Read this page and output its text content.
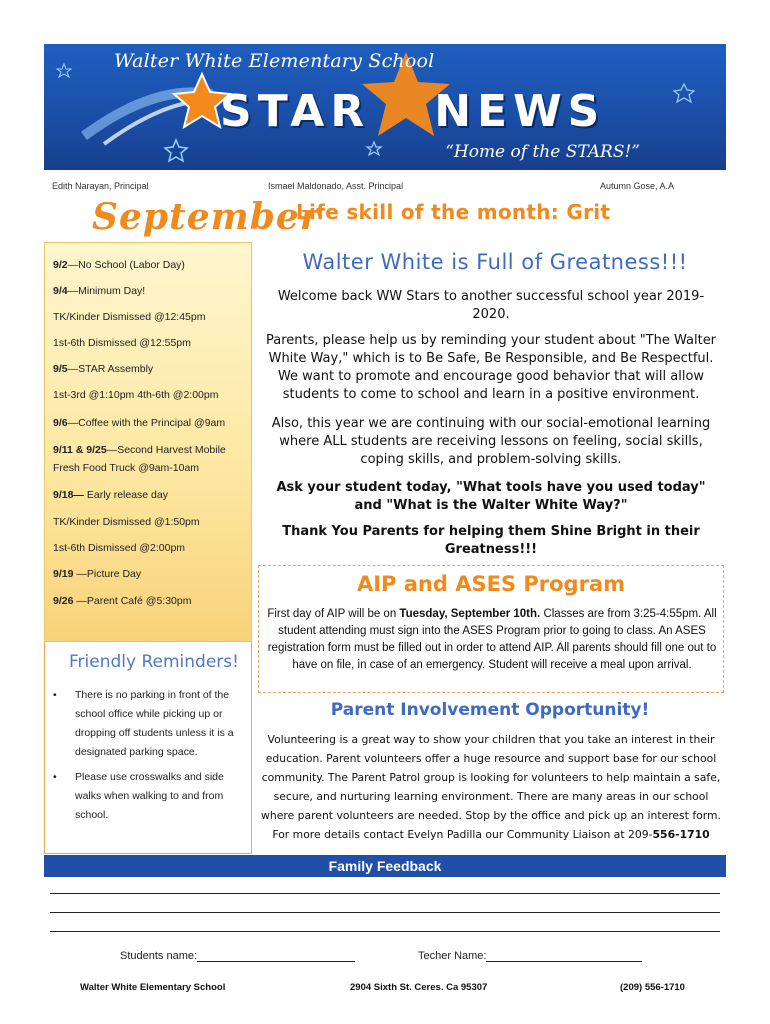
Walter White Elementary School
STAR NEWS
“Home of the STARS!”
Edith Narayan, Principal	Ismael Maldonado, Asst. Principal	Autumn Gose, A.A
September
9/2—No School (Labor Day)
9/4—Minimum Day!
TK/Kinder Dismissed @12:45pm
1st-6th Dismissed @12:55pm
9/5—STAR Assembly
1st-3rd @1:10pm 4th-6th @2:00pm
9/6—Coffee with the Principal @9am
9/11 & 9/25—Second Harvest Mobile
Fresh Food Truck @9am-10am
9/18— Early release day
TK/Kinder Dismissed @1:50pm
1st-6th Dismissed @2:00pm
9/19 —Picture Day
9/26 —Parent Café @5:30pm
Friendly Reminders!
•	There is no parking in front of the school office while picking up or dropping off students unless it is a designated parking space.
•	Please use crosswalks and side walks when walking to and from school.
Life skill of the month: Grit
Walter White is Full of Greatness!!!
Welcome back WW Stars to another successful school year 2019-2020.
Parents, please help us by reminding your student about "The Walter White Way," which is to Be Safe, Be Responsible, and Be Respectful. We want to promote and encourage good behavior that will allow students to come to school and learn in a positive environment.
Also, this year we are continuing with our social-emotional learning where ALL students are receiving lessons on feeling, social skills, coping skills, and problem-solving skills.
Ask your student today, "What tools have you used today" and "What is the Walter White Way?"
Thank You Parents for helping them Shine Bright in their Greatness!!!
AIP and ASES Program
First day of AIP will be on Tuesday, September 10th. Classes are from 3:25-4:55pm. All student attending must sign into the ASES Program prior to going to class. An ASES registration form must be filled out in order to attend AIP. All parents should fill one out to have on file, in case of an emergency. Student will receive a meal upon arrival.
Parent Involvement Opportunity!
Volunteering is a great way to show your children that you take an interest in their education. Parent volunteers offer a huge resource and support base for our school community. The Parent Patrol group is looking for volunteers to help maintain a safe, secure, and nurturing learning environment. There are many areas in our school where parent volunteers are needed. Stop by the office and pick up an interest form.
For more details contact Evelyn Padilla our Community Liaison at 209-556-1710
Family Feedback
Students name:	Techer Name:
Walter White Elementary School	2904 Sixth St. Ceres. Ca 95307	(209) 556-1710
